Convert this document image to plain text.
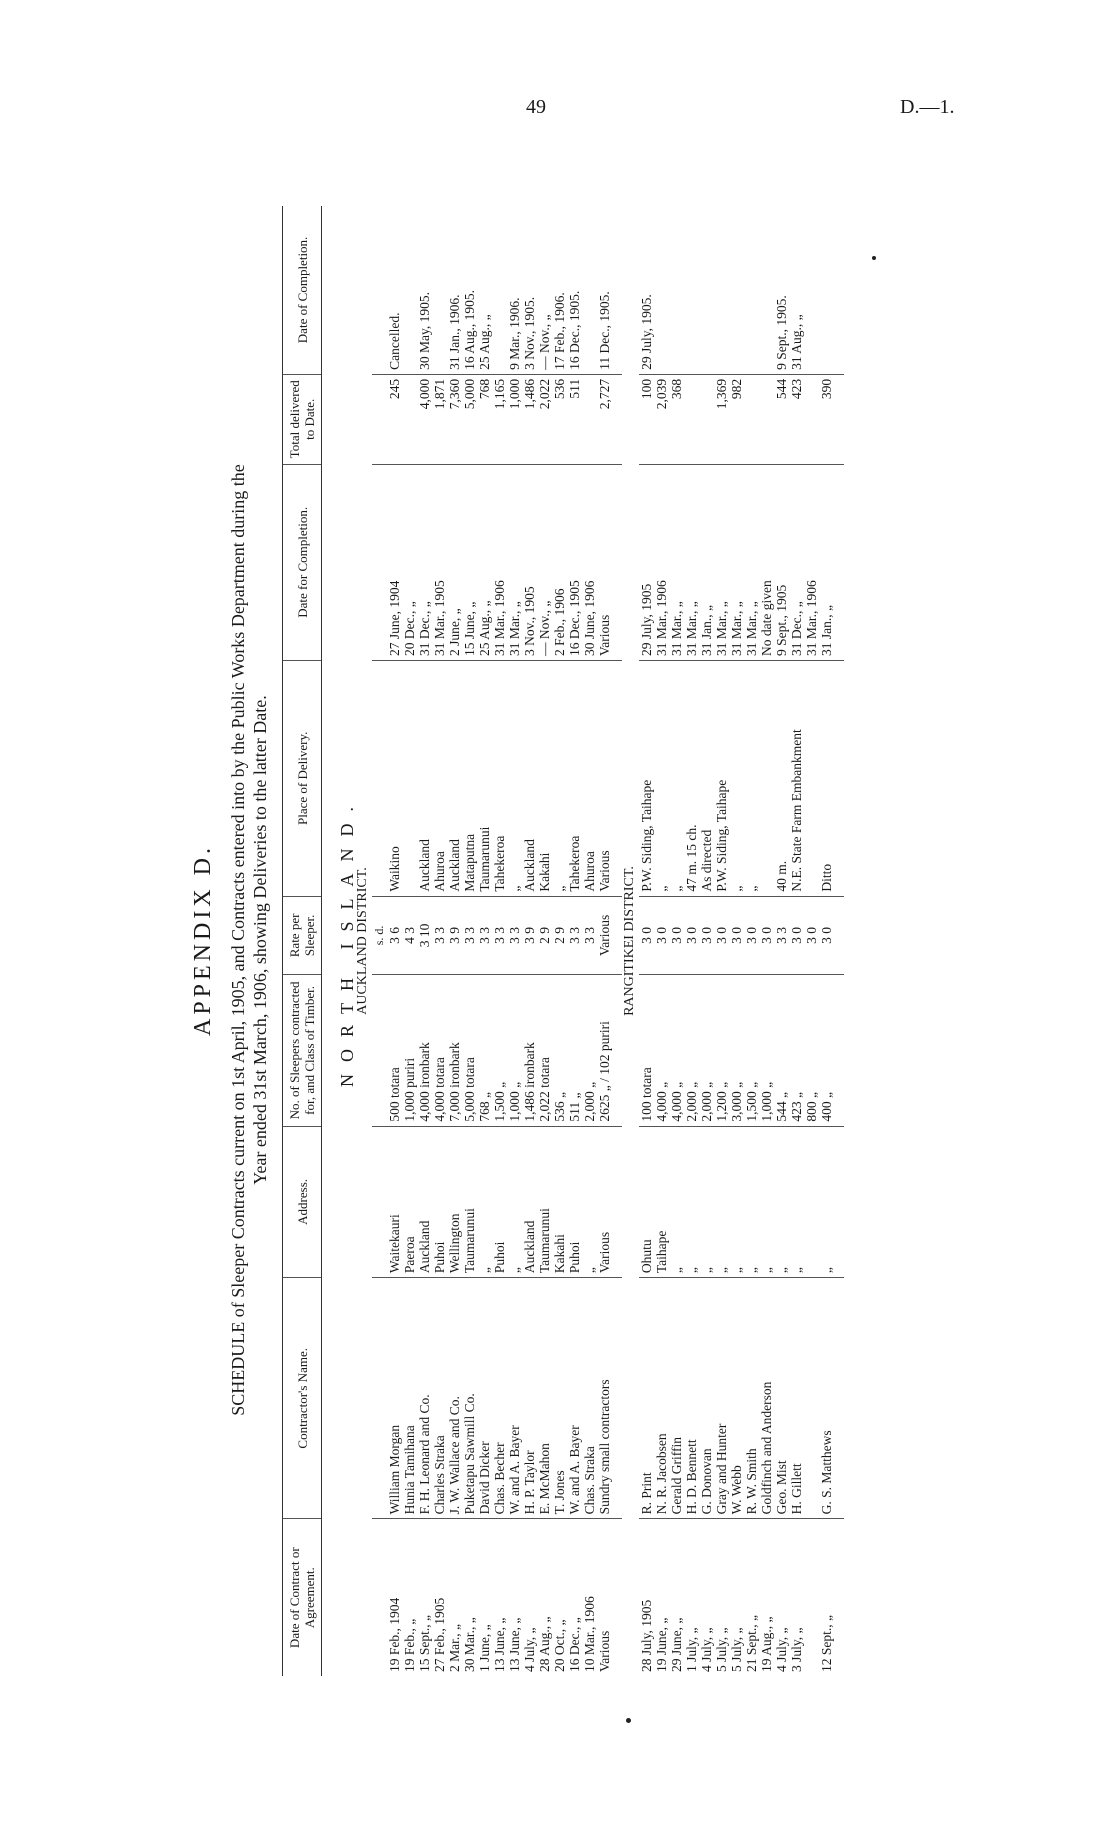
49	D.—1.
APPENDIX D. SCHEDULE of Sleeper Contracts current on 1st April, 1905, and Contracts entered into by the Public Works Department during the Year ended 31st March, 1906, showing Deliveries to the latter Date.
Date of Contract or Agreement.	Contractor's Name.	Address.	No. of Sleepers contracted for, and Class of Timber.	Rate per Sleeper.	Place of Delivery.	Date for Completion.	Total delivered to Date.	Date of Completion.
NORTH ISLAND.								
AUCKLAND DISTRICT.								
				s. d.				
19 Feb., 1904	William Morgan	Waitekauri	500 totara	3 6	Waikino	27 June, 1904	245	Cancelled.
19 Feb., „	Hunia Tamihana	Paeroa	1,000 puriri	4 3		20 Dec., „		
15 Sept., „	F. H. Leonard and Co.	Auckland	4,000 ironbark	3 10	Auckland	31 Dec., „	4,000	30 May, 1905.
27 Feb., 1905	Charles Straka	Puhoi	4,000 totara	3 3	Ahuroa	31 Mar., 1905	1,871	
2 Mar., „	J. W. Wallace and Co.	Wellington	7,000 ironbark	3 9	Auckland	2 June, „	7,360	31 Jan., 1906.
30 Mar., „	Puketapu Sawmill Co.	Taumarunui	5,000 totara	3 3	Mataputna	15 June, „	5,000	16 Aug., 1905.
1 June, „	David Dicker	„	768 „	3 3	Taumarunui	25 Aug., „	768	25 Aug., „
13 June, „	Chas. Becher	Puhoi	1,500 „	3 3	Tahekeroa	31 Mar., 1906	1,165	
13 June, „	W. and A. Bayer	„	1,000 „	3 3	„	31 Mar., „	1,000	9 Mar., 1906.
4 July, „	H. P. Taylor	Auckland	1,486 ironbark	3 9	Auckland	3 Nov., 1905	1,486	3 Nov., 1905.
28 Aug., „	E. McMahon	Taumarunui	2,022 totara	2 9	Kakahi	— Nov., „	2,022	— Nov., „
20 Oct., „	T. Jones	Kakahi	536 „	2 9	„	2 Feb., 1906	536	17 Feb., 1906.
16 Dec., „	W. and A. Bayer	Puhoi	511 „	3 3	Tahekeroa	16 Dec., 1905	511	16 Dec., 1905.
10 Mar., 1906	Chas. Straka	„	2,000 „	3 3	Ahuroa	30 June, 1906		
Various	Sundry small contractors	Various	2625 „ / 102 puriri	Various	Various	Various	2,727	11 Dec., 1905.

RANGITIKEI DISTRICT.								
28 July, 1905	R. Print	Ohutu	100 totara	3 0	P.W. Siding, Taihape	29 July, 1905	100	29 July, 1905.
19 June, „	N. R. Jacobsen	Taihape	4,000 „	3 0	„	31 Mar., 1906	2,039	
29 June, „	Gerald Griffin	„	4,000 „	3 0	„	31 Mar., „	368	
1 July, „	H. D. Bennett	„	2,000 „	3 0	47 m. 15 ch.	31 Mar., „		
4 July, „	G. Donovan	„	2,000 „	3 0	As directed	31 Jan., „		
5 July, „	Gray and Hunter	„	1,200 „	3 0	P.W. Siding, Taihape	31 Mar., „	1,369	
5 July, „	W. Webb	„	3,000 „	3 0	„	31 Mar., „	982	
21 Sept., „	R. W. Smith	„	1,500 „	3 0	„	31 Mar., „		
19 Aug., „	Goldfinch and Anderson	„	1,000 „	3 0		No date given		
4 July, „	Geo. Mist	„	544 „	3 3	40 m.	9 Sept., 1905	544	9 Sept., 1905.
3 July, „	H. Gillett	„	423 „	3 0	N.E. State Farm Embankment	31 Dec., „	423	31 Aug., „
			800 „	3 0		31 Mar., 1906		
12 Sept., „	G. S. Matthews	„	400 „	3 0	Ditto	31 Jan., „	390	
